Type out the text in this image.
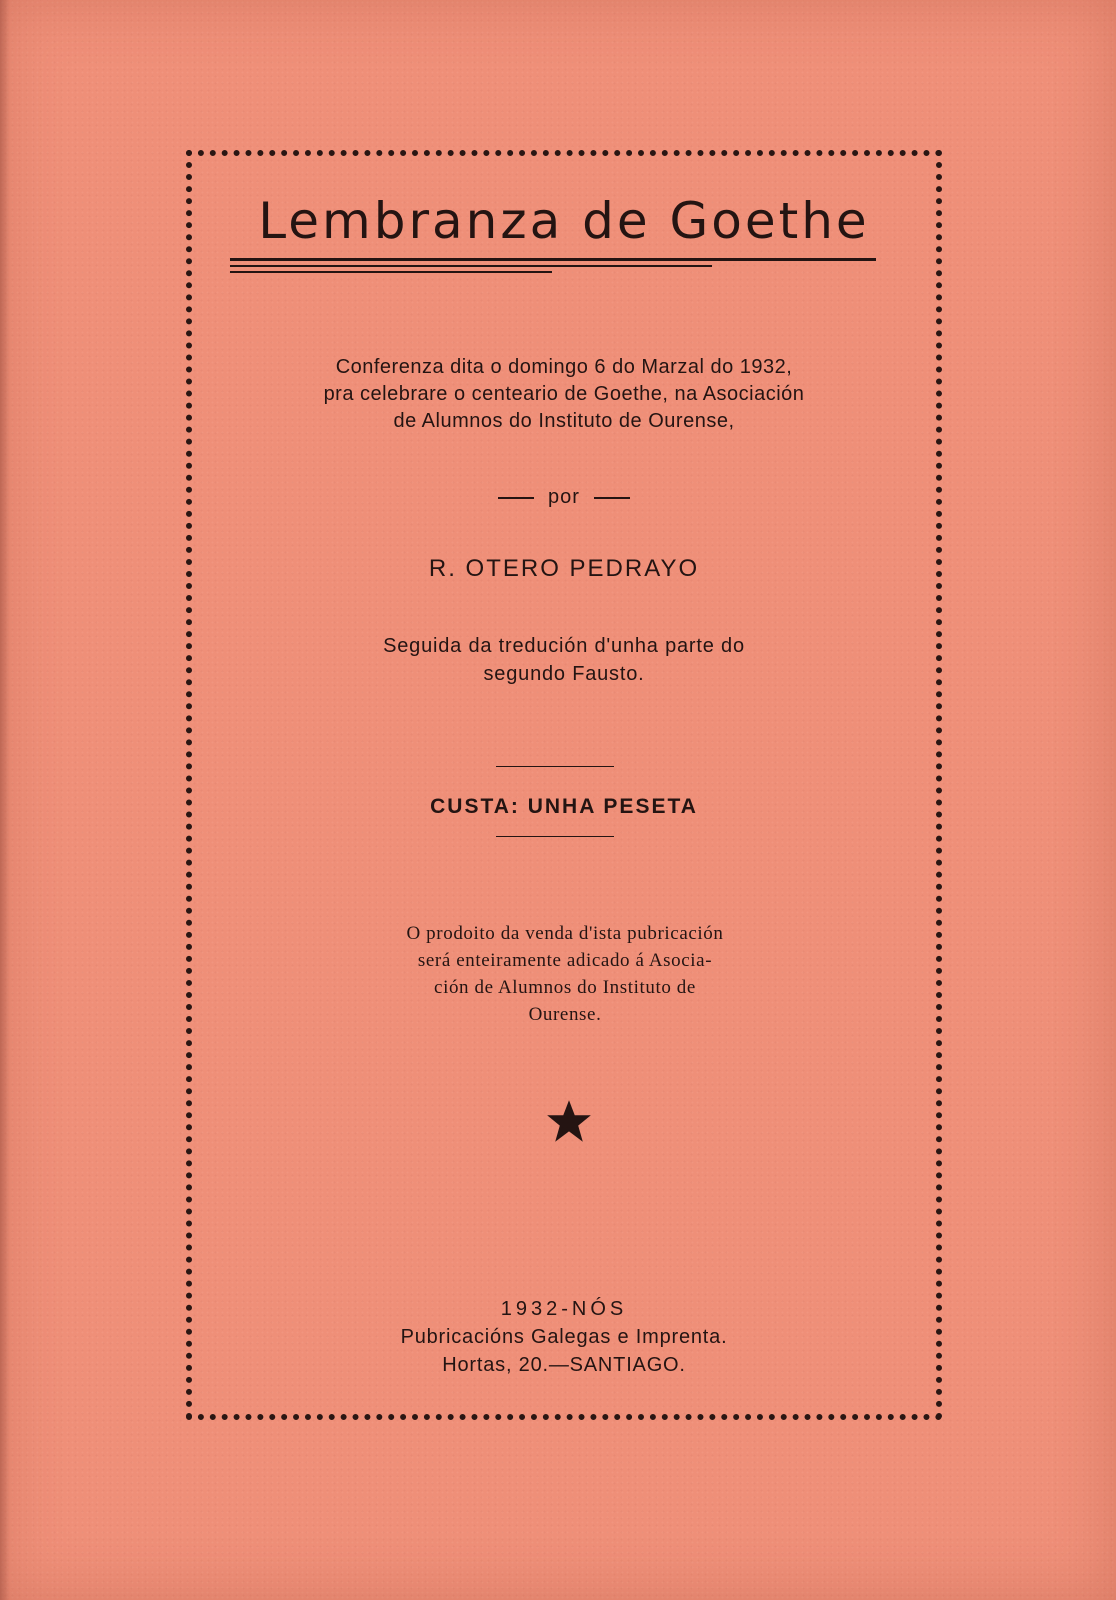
Lembranza de Goethe
Conferenza dita o domingo 6 do Marzal do 1932,
pra celebrare o centeario de Goethe, na Asociación
de Alumnos do Instituto de Ourense,
por
R. OTERO PEDRAYO
Seguida da tredución d'unha parte do
segundo Fausto.
CUSTA: UNHA PESETA
O prodoito da venda d'ista pubricación
será enteiramente adicado á Asocia-
ción de Alumnos do Instituto de
Ourense.
1932-NÓS
Pubricacións Galegas e Imprenta.
Hortas, 20.—SANTIAGO.
